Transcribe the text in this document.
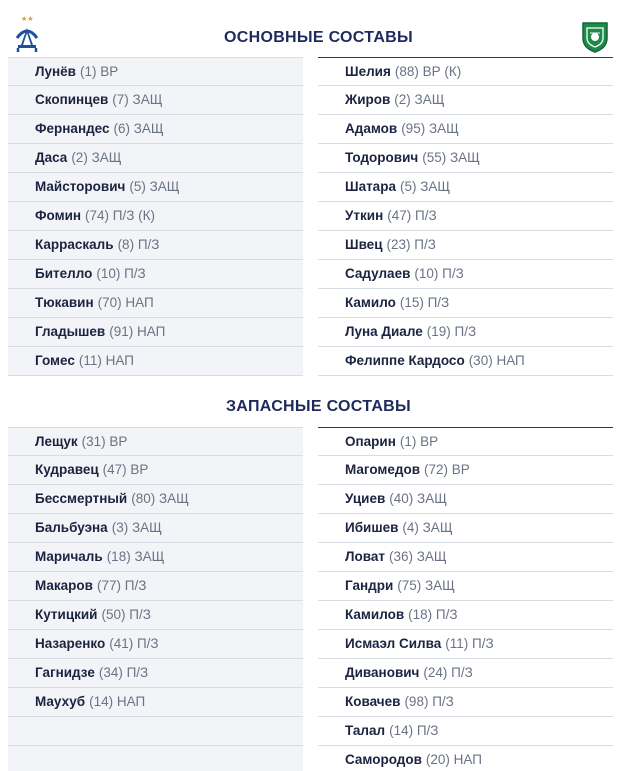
★★
ОСНОВНЫЕ СОСТАВЫ
Лунёв (1) ВР
Скопинцев (7) ЗАЩ
Фернандес (6) ЗАЩ
Даса (2) ЗАЩ
Майсторович (5) ЗАЩ
Фомин (74) П/З (К)
Карраскаль (8) П/З
Бителло (10) П/З
Тюкавин (70) НАП
Гладышев (91) НАП
Гомес (11) НАП
Шелия (88) ВР (К)
Жиров (2) ЗАЩ
Адамов (95) ЗАЩ
Тодорович (55) ЗАЩ
Шатара (5) ЗАЩ
Уткин (47) П/З
Швец (23) П/З
Садулаев (10) П/З
Камило (15) П/З
Луна Диале (19) П/З
Фелиппе Кардосо (30) НАП
ЗАПАСНЫЕ СОСТАВЫ
Лещук (31) ВР
Кудравец (47) ВР
Бессмертный (80) ЗАЩ
Бальбуэна (3) ЗАЩ
Маричаль (18) ЗАЩ
Макаров (77) П/З
Кутицкий (50) П/З
Назаренко (41) П/З
Гагнидзе (34) П/З
Маухуб (14) НАП
Опарин (1) ВР
Магомедов (72) ВР
Уциев (40) ЗАЩ
Ибишев (4) ЗАЩ
Ловат (36) ЗАЩ
Гандри (75) ЗАЩ
Камилов (18) П/З
Исмаэл Силва (11) П/З
Диванович (24) П/З
Ковачев (98) П/З
Талал (14) П/З
Самородов (20) НАП
